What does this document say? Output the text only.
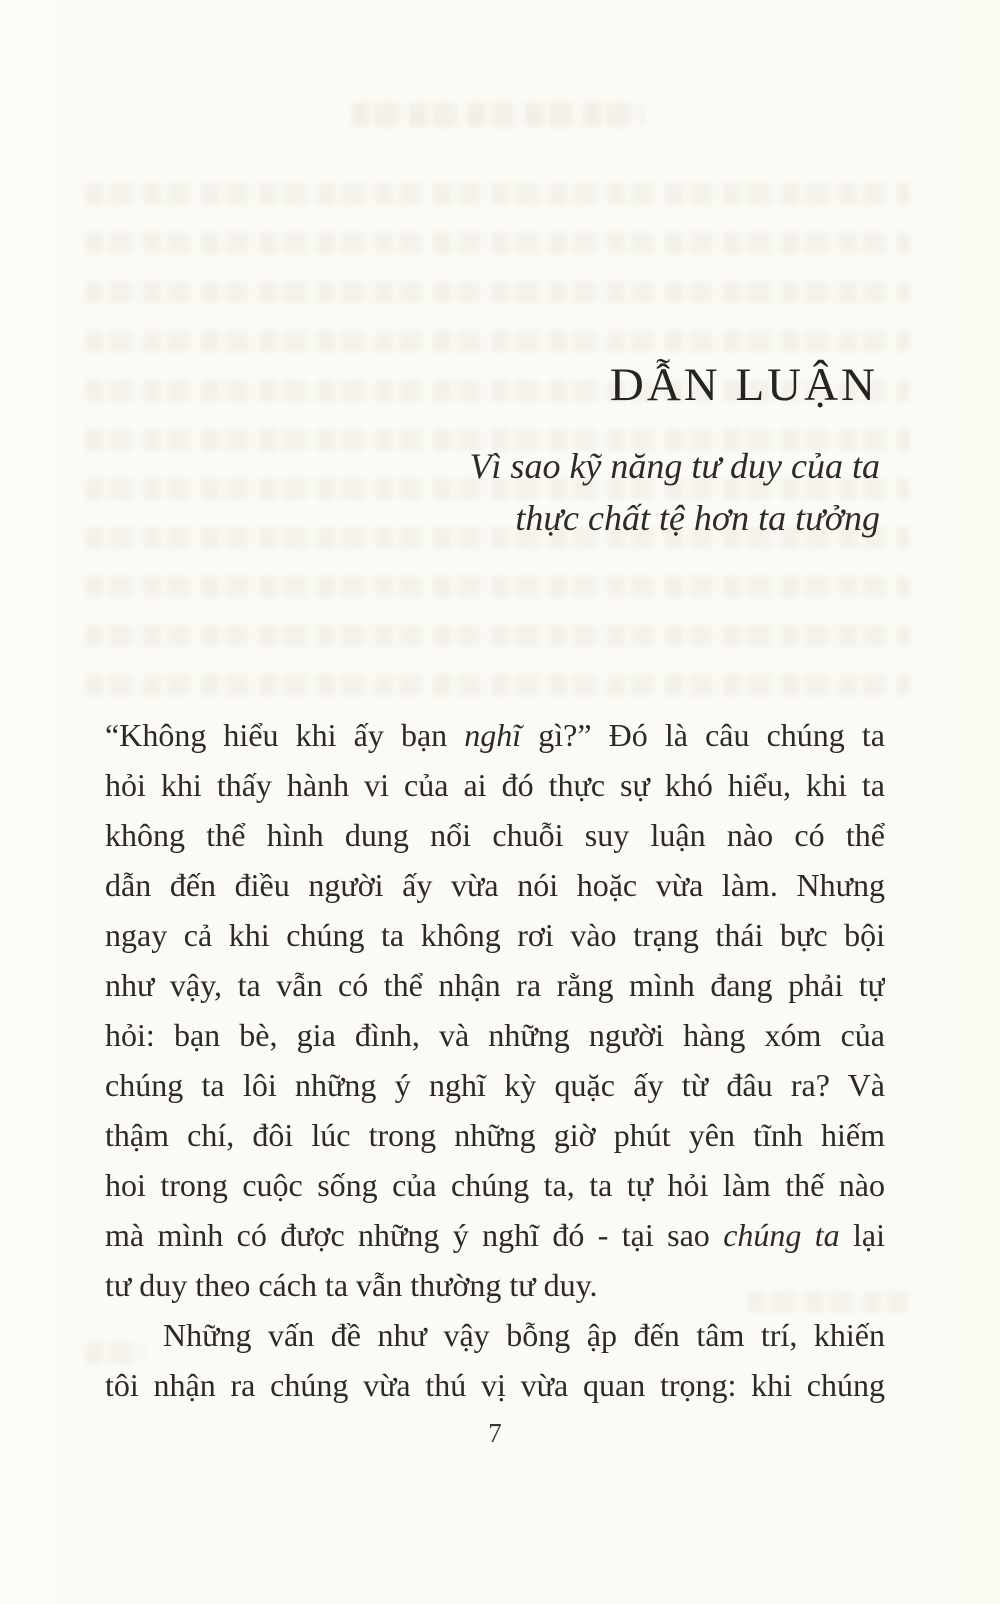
DẪN LUẬN
Vì sao kỹ năng tư duy của ta
thực chất tệ hơn ta tưởng
“Không hiểu khi ấy bạn nghĩ gì?” Đó là câu chúng ta
hỏi khi thấy hành vi của ai đó thực sự khó hiểu, khi ta
không thể hình dung nổi chuỗi suy luận nào có thể
dẫn đến điều người ấy vừa nói hoặc vừa làm. Nhưng
ngay cả khi chúng ta không rơi vào trạng thái bực bội
như vậy, ta vẫn có thể nhận ra rằng mình đang phải tự
hỏi: bạn bè, gia đình, và những người hàng xóm của
chúng ta lôi những ý nghĩ kỳ quặc ấy từ đâu ra? Và
thậm chí, đôi lúc trong những giờ phút yên tĩnh hiếm
hoi trong cuộc sống của chúng ta, ta tự hỏi làm thế nào
mà mình có được những ý nghĩ đó - tại sao chúng ta lại
tư duy theo cách ta vẫn thường tư duy.
Những vấn đề như vậy bỗng ập đến tâm trí, khiến
tôi nhận ra chúng vừa thú vị vừa quan trọng: khi chúng
7
